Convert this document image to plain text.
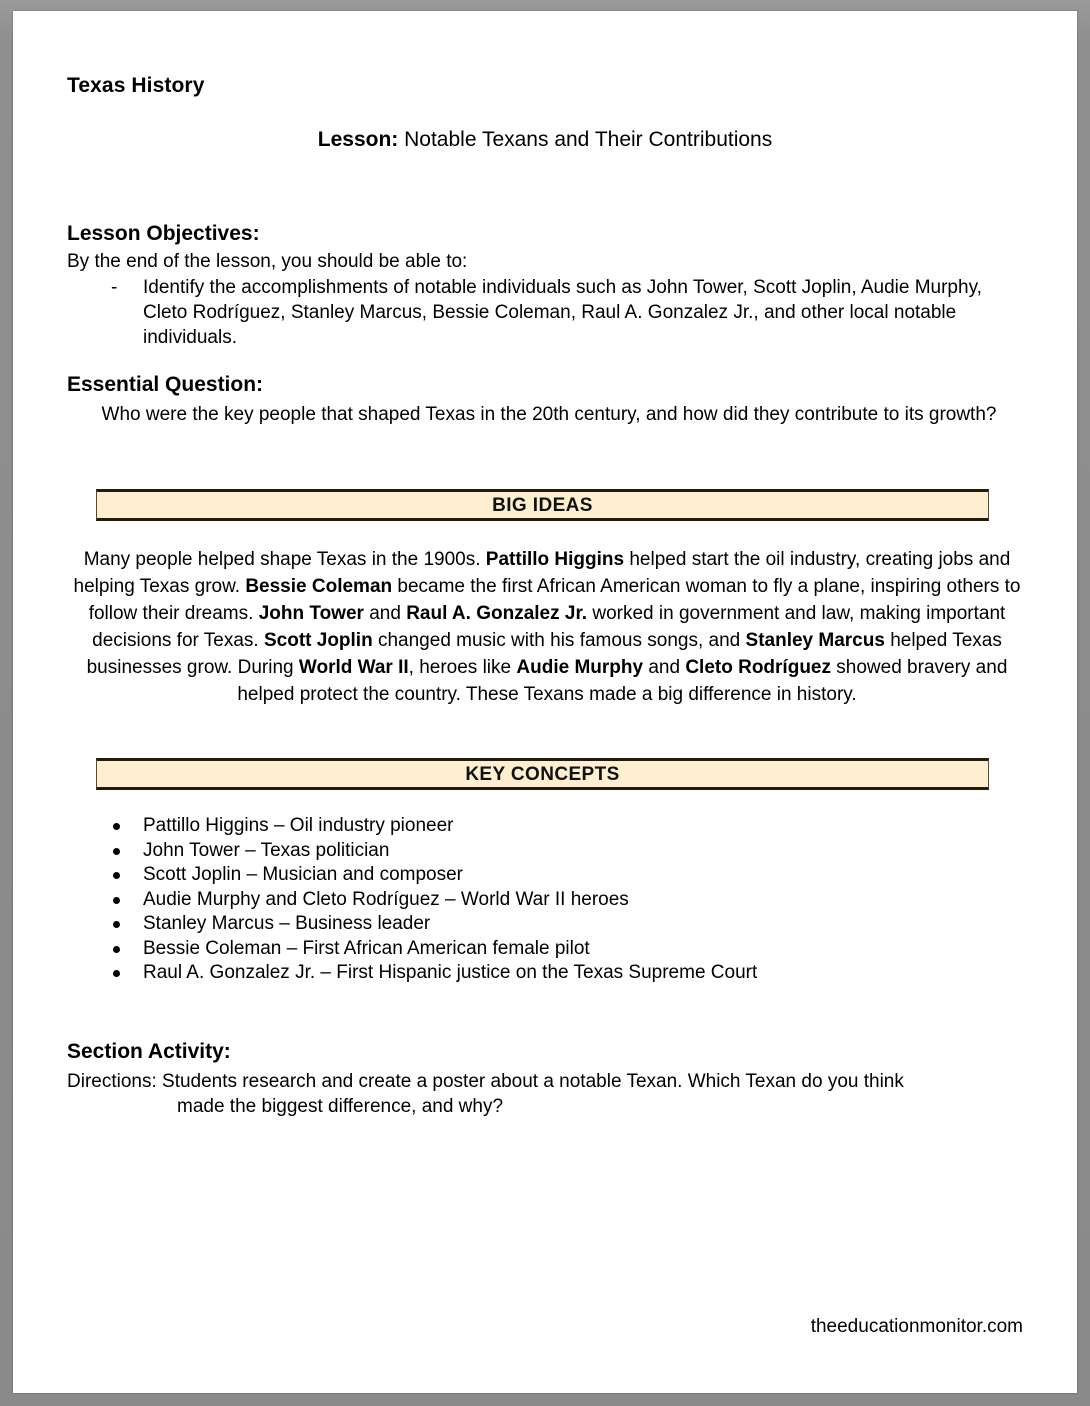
Texas History
Lesson: Notable Texans and Their Contributions
Lesson Objectives:
By the end of the lesson, you should be able to:
- Identify the accomplishments of notable individuals such as John Tower, Scott Joplin, Audie Murphy, Cleto Rodríguez, Stanley Marcus, Bessie Coleman, Raul A. Gonzalez Jr., and other local notable individuals.
Essential Question:
Who were the key people that shaped Texas in the 20th century, and how did they contribute to its growth?
BIG IDEAS
Many people helped shape Texas in the 1900s. Pattillo Higgins helped start the oil industry, creating jobs and helping Texas grow. Bessie Coleman became the first African American woman to fly a plane, inspiring others to follow their dreams. John Tower and Raul A. Gonzalez Jr. worked in government and law, making important decisions for Texas. Scott Joplin changed music with his famous songs, and Stanley Marcus helped Texas businesses grow. During World War II, heroes like Audie Murphy and Cleto Rodríguez showed bravery and helped protect the country. These Texans made a big difference in history.
KEY CONCEPTS
Pattillo Higgins – Oil industry pioneer
John Tower – Texas politician
Scott Joplin – Musician and composer
Audie Murphy and Cleto Rodríguez – World War II heroes
Stanley Marcus – Business leader
Bessie Coleman – First African American female pilot
Raul A. Gonzalez Jr. – First Hispanic justice on the Texas Supreme Court
Section Activity:
Directions: Students research and create a poster about a notable Texan. Which Texan do you think
made the biggest difference, and why?
theeducationmonitor.com
